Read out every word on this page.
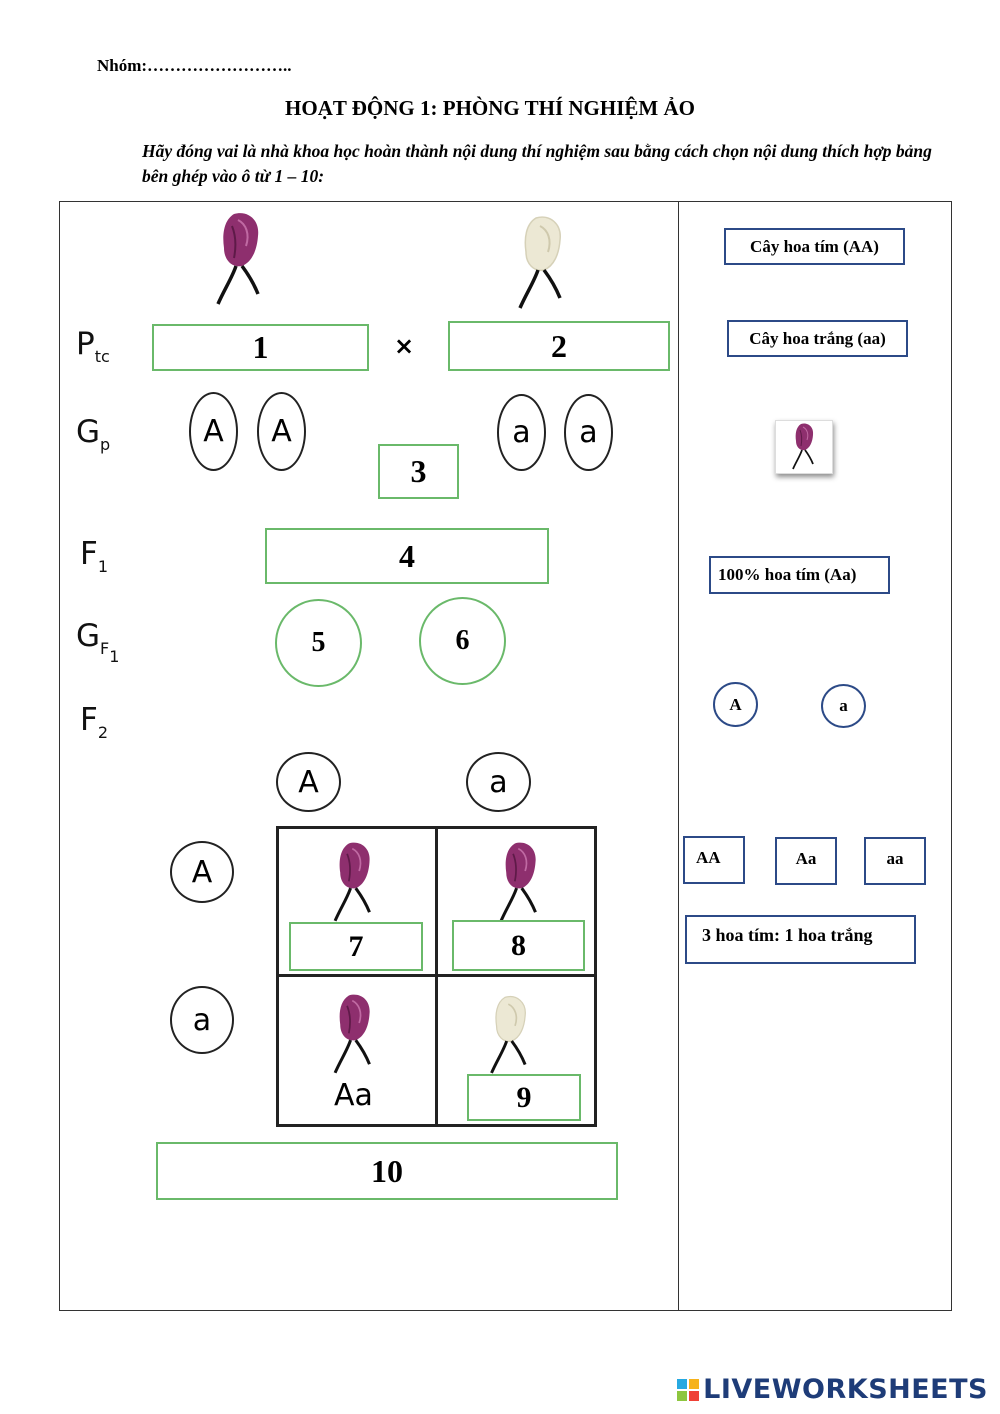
Nhóm:……………………..
HOẠT ĐỘNG 1: PHÒNG THÍ NGHIỆM ẢO
Hãy đóng vai là nhà khoa học hoàn thành nội dung thí nghiệm sau bằng cách chọn nội dung thích hợp bảng bên ghép vào ô từ 1 – 10:
$P_{tc}$
$G_p$
$F_1$
$G_{F_1}$
$F_2$
×
1	2
3
4
5	6
A	A	a	a
A	a
A
a
7	8
Aa	9
10
Cây hoa tím (AA)
Cây hoa trắng (aa)
100% hoa tím (Aa)
A	a
AA	Aa	aa
3 hoa tím: 1 hoa trắng
LIVEWORKSHEETS
